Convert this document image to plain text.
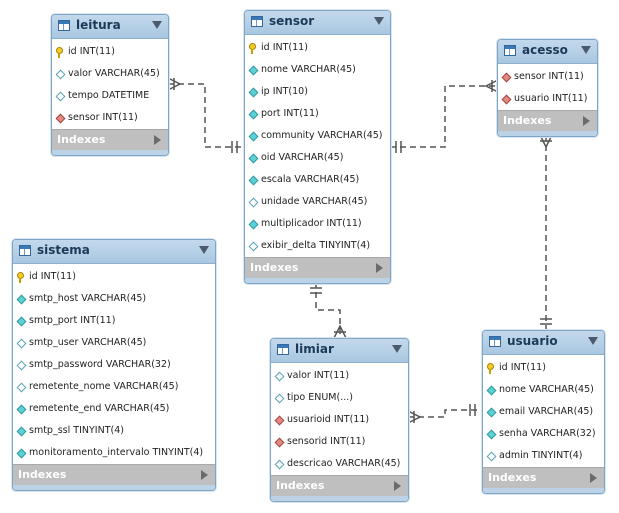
leitura
id INT(11)
valor VARCHAR(45)
tempo DATETIME
sensor INT(11)
Indexes
sensor
id INT(11)
nome VARCHAR(45)
ip INT(10)
port INT(11)
community VARCHAR(45)
oid VARCHAR(45)
escala VARCHAR(45)
unidade VARCHAR(45)
multiplicador INT(11)
exibir_delta TINYINT(4)
Indexes
acesso
sensor INT(11)
usuario INT(11)
Indexes
sistema
id INT(11)
smtp_host VARCHAR(45)
smtp_port INT(11)
smtp_user VARCHAR(45)
smtp_password VARCHAR(32)
remetente_nome VARCHAR(45)
remetente_end VARCHAR(45)
smtp_ssl TINYINT(4)
monitoramento_intervalo TINYINT(4)
Indexes
limiar
valor INT(11)
tipo ENUM(...)
usuarioid INT(11)
sensorid INT(11)
descricao VARCHAR(45)
Indexes
usuario
id INT(11)
nome VARCHAR(45)
email VARCHAR(45)
senha VARCHAR(32)
admin TINYINT(4)
Indexes
